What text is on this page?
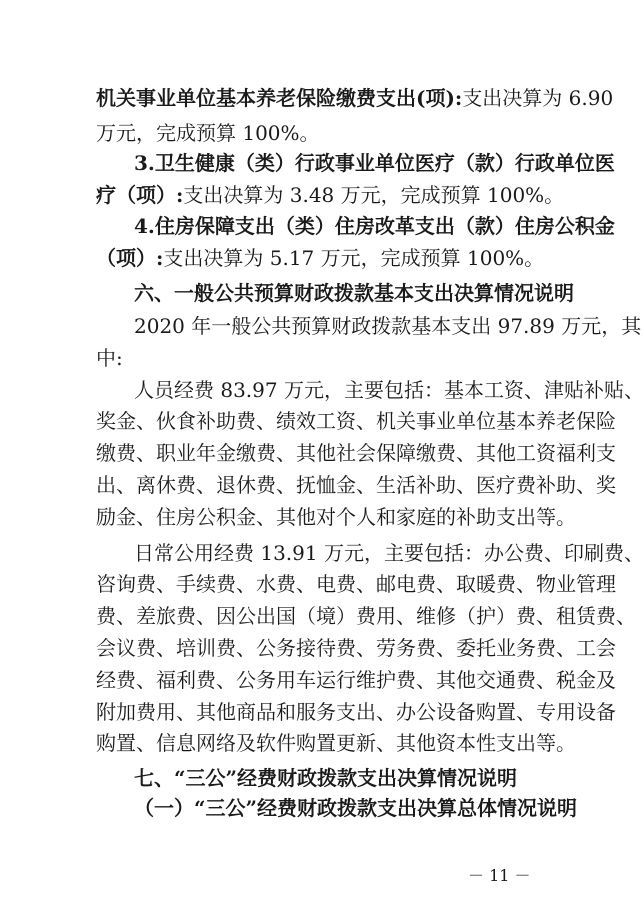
机关事业单位基本养老保险缴费支出(项):支出决算为 6.90
万元，完成预算 100%。
3.卫生健康（类）行政事业单位医疗（款）行政单位医
疗（项）:支出决算为 3.48 万元，完成预算 100%。
4.住房保障支出（类）住房改革支出（款）住房公积金
（项）:支出决算为 5.17 万元，完成预算 100%。
六、一般公共预算财政拨款基本支出决算情况说明
2020 年一般公共预算财政拨款基本支出 97.89 万元，其
中:
人员经费 83.97 万元，主要包括：基本工资、津贴补贴、
奖金、伙食补助费、绩效工资、机关事业单位基本养老保险
缴费、职业年金缴费、其他社会保障缴费、其他工资福利支
出、离休费、退休费、抚恤金、生活补助、医疗费补助、奖
励金、住房公积金、其他对个人和家庭的补助支出等。
日常公用经费 13.91 万元，主要包括：办公费、印刷费、
咨询费、手续费、水费、电费、邮电费、取暖费、物业管理
费、差旅费、因公出国（境）费用、维修（护）费、租赁费、
会议费、培训费、公务接待费、劳务费、委托业务费、工会
经费、福利费、公务用车运行维护费、其他交通费、税金及
附加费用、其他商品和服务支出、办公设备购置、专用设备
购置、信息网络及软件购置更新、其他资本性支出等。
七、“三公”经费财政拨款支出决算情况说明
（一）“三公”经费财政拨款支出决算总体情况说明
－ 11 －
